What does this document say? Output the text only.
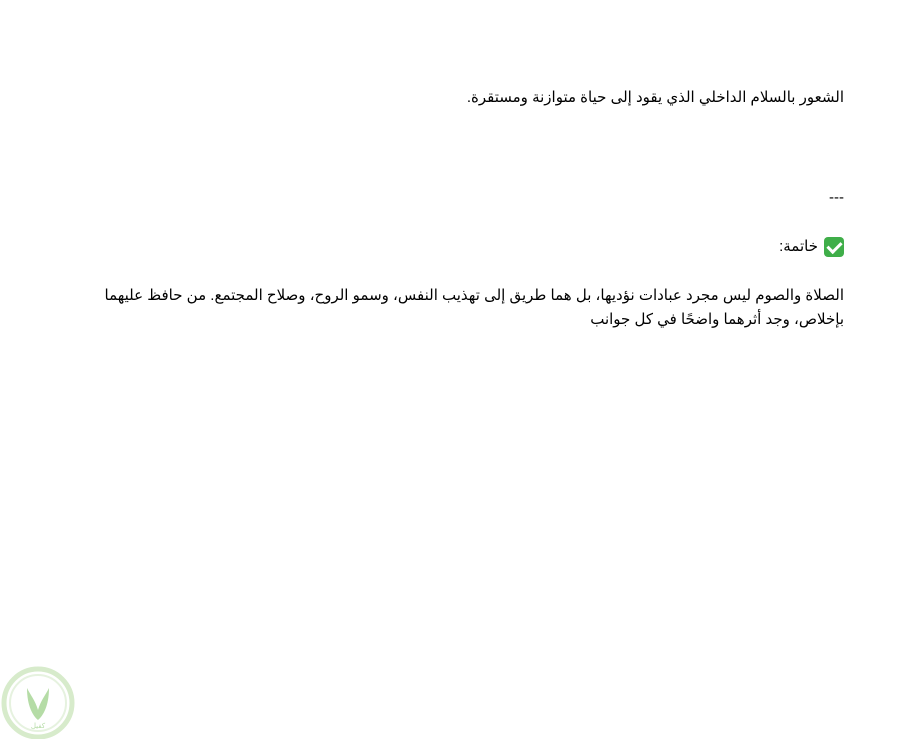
الشعور بالسلام الداخلي الذي يقود إلى حياة متوازنة ومستقرة.
---
خاتمة:
الصلاة والصوم ليس مجرد عبادات نؤديها، بل هما طريق إلى تهذيب النفس، وسمو الروح، وصلاح المجتمع. من حافظ عليهما بإخلاص، وجد أثرهما واضحًا في كل جوانب
كفيل
